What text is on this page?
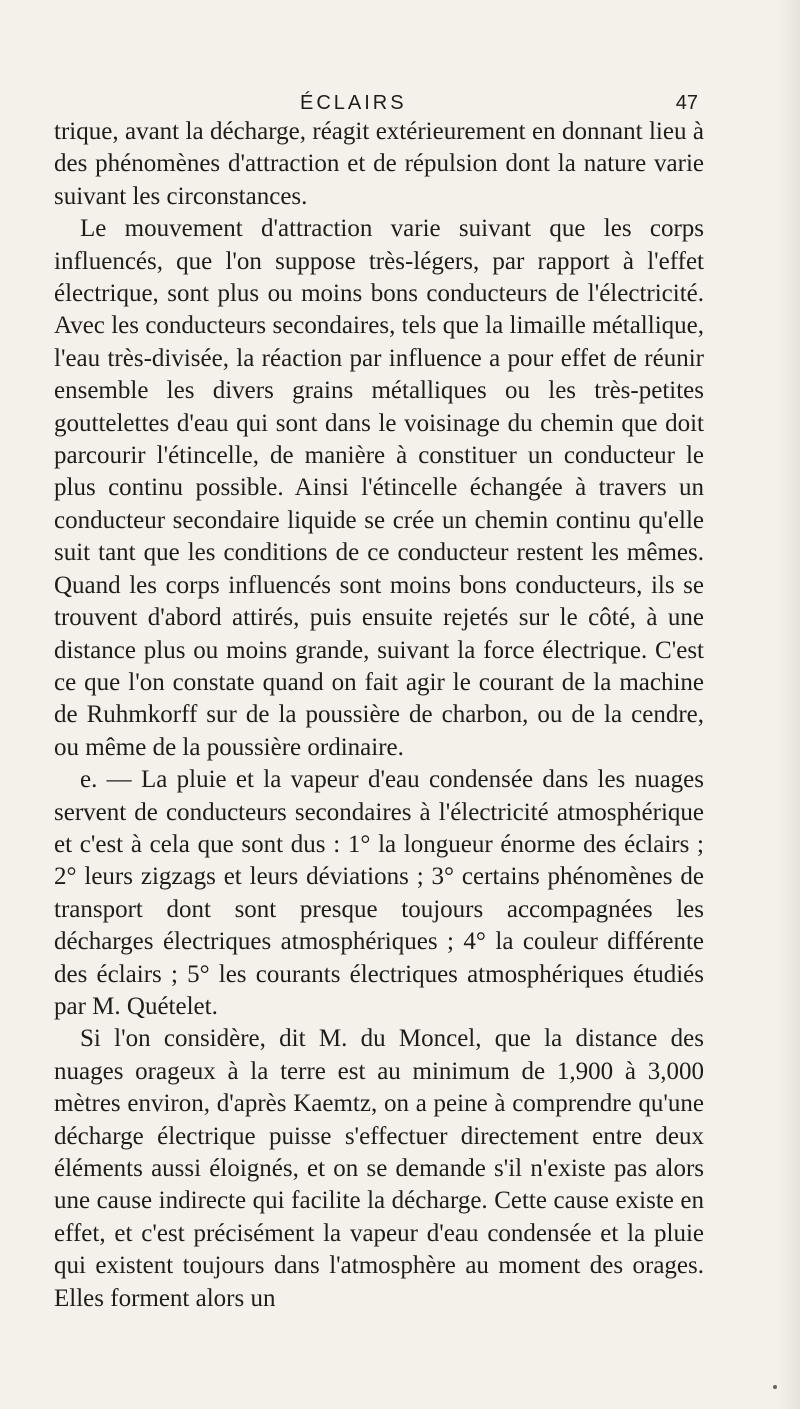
ÉCLAIRS	47

trique, avant la décharge, réagit extérieurement en donnant lieu à des phénomènes d'attraction et de répulsion dont la nature varie suivant les circonstances.

Le mouvement d'attraction varie suivant que les corps influencés, que l'on suppose très-légers, par rapport à l'effet électrique, sont plus ou moins bons conducteurs de l'électricité. Avec les conducteurs secondaires, tels que la limaille métallique, l'eau très-divisée, la réaction par influence a pour effet de réunir ensemble les divers grains métalliques ou les très-petites gouttelettes d'eau qui sont dans le voisinage du chemin que doit parcourir l'étincelle, de manière à constituer un conducteur le plus continu possible. Ainsi l'étincelle échangée à travers un conducteur secondaire liquide se crée un chemin continu qu'elle suit tant que les conditions de ce conducteur restent les mêmes. Quand les corps influencés sont moins bons conducteurs, ils se trouvent d'abord attirés, puis ensuite rejetés sur le côté, à une distance plus ou moins grande, suivant la force électrique. C'est ce que l'on constate quand on fait agir le courant de la machine de Ruhmkorff sur de la poussière de charbon, ou de la cendre, ou même de la poussière ordinaire.

e. — La pluie et la vapeur d'eau condensée dans les nuages servent de conducteurs secondaires à l'électricité atmosphérique et c'est à cela que sont dus : 1° la longueur énorme des éclairs ; 2° leurs zigzags et leurs déviations ; 3° certains phénomènes de transport dont sont presque toujours accompagnées les décharges électriques atmosphériques ; 4° la couleur différente des éclairs ; 5° les courants électriques atmosphériques étudiés par M. Quételet.

Si l'on considère, dit M. du Moncel, que la distance des nuages orageux à la terre est au minimum de 1,900 à 3,000 mètres environ, d'après Kaemtz, on a peine à comprendre qu'une décharge électrique puisse s'effectuer directement entre deux éléments aussi éloignés, et on se demande s'il n'existe pas alors une cause indirecte qui facilite la décharge. Cette cause existe en effet, et c'est précisément la vapeur d'eau condensée et la pluie qui existent toujours dans l'atmosphère au moment des orages. Elles forment alors un
